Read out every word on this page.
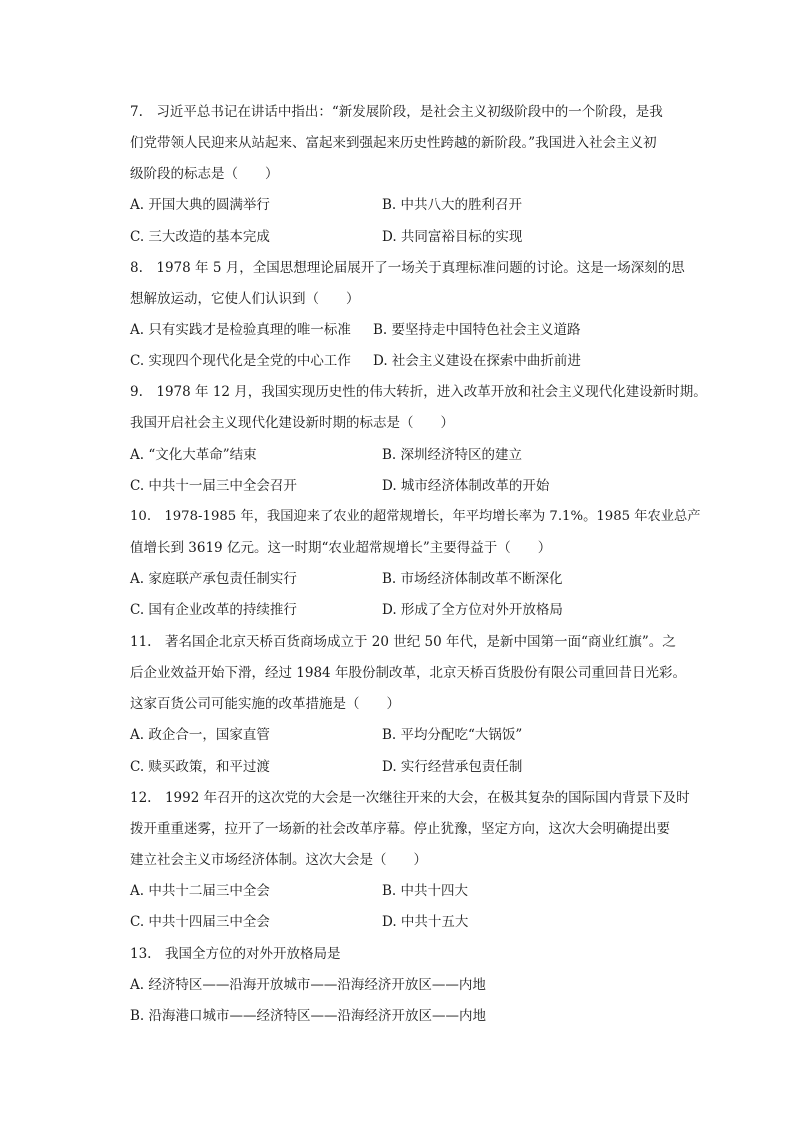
7.　习近平总书记在讲话中指出：“新发展阶段，是社会主义初级阶段中的一个阶段，是我
们党带领人民迎来从站起来、富起来到强起来历史性跨越的新阶段。”我国进入社会主义初
级阶段的标志是（　　）
A. 开国大典的圆满举行	B. 中共八大的胜利召开
C. 三大改造的基本完成	D. 共同富裕目标的实现
8.　1978 年 5 月，全国思想理论届展开了一场关于真理标准问题的讨论。这是一场深刻的思
想解放运动，它使人们认识到（　　）
A. 只有实践才是检验真理的唯一标准 B. 要坚持走中国特色社会主义道路
C. 实现四个现代化是全党的中心工作 D. 社会主义建设在探索中曲折前进
9.　1978 年 12 月，我国实现历史性的伟大转折，进入改革开放和社会主义现代化建设新时期。
我国开启社会主义现代化建设新时期的标志是（　　）
A. “文化大革命”结束	B. 深圳经济特区的建立
C. 中共十一届三中全会召开	D. 城市经济体制改革的开始
10.　1978-1985 年，我国迎来了农业的超常规增长，年平均增长率为 7.1%。1985 年农业总产
值增长到 3619 亿元。这一时期“农业超常规增长”主要得益于（　　）
A. 家庭联产承包责任制实行	B. 市场经济体制改革不断深化
C. 国有企业改革的持续推行	D. 形成了全方位对外开放格局
11.　著名国企北京天桥百货商场成立于 20 世纪 50 年代，是新中国第一面“商业红旗”。之
后企业效益开始下滑，经过 1984 年股份制改革，北京天桥百货股份有限公司重回昔日光彩。
这家百货公司可能实施的改革措施是（　　）
A. 政企合一，国家直管	B. 平均分配吃“大锅饭”
C. 赎买政策，和平过渡	D. 实行经营承包责任制
12.　1992 年召开的这次党的大会是一次继往开来的大会，在极其复杂的国际国内背景下及时
拨开重重迷雾，拉开了一场新的社会改革序幕。停止犹豫，坚定方向，这次大会明确提出要
建立社会主义市场经济体制。这次大会是（　　）
A. 中共十二届三中全会	B. 中共十四大
C. 中共十四届三中全会	D. 中共十五大
13.　我国全方位的对外开放格局是
A. 经济特区——沿海开放城市——沿海经济开放区——内地
B. 沿海港口城市——经济特区——沿海经济开放区——内地
